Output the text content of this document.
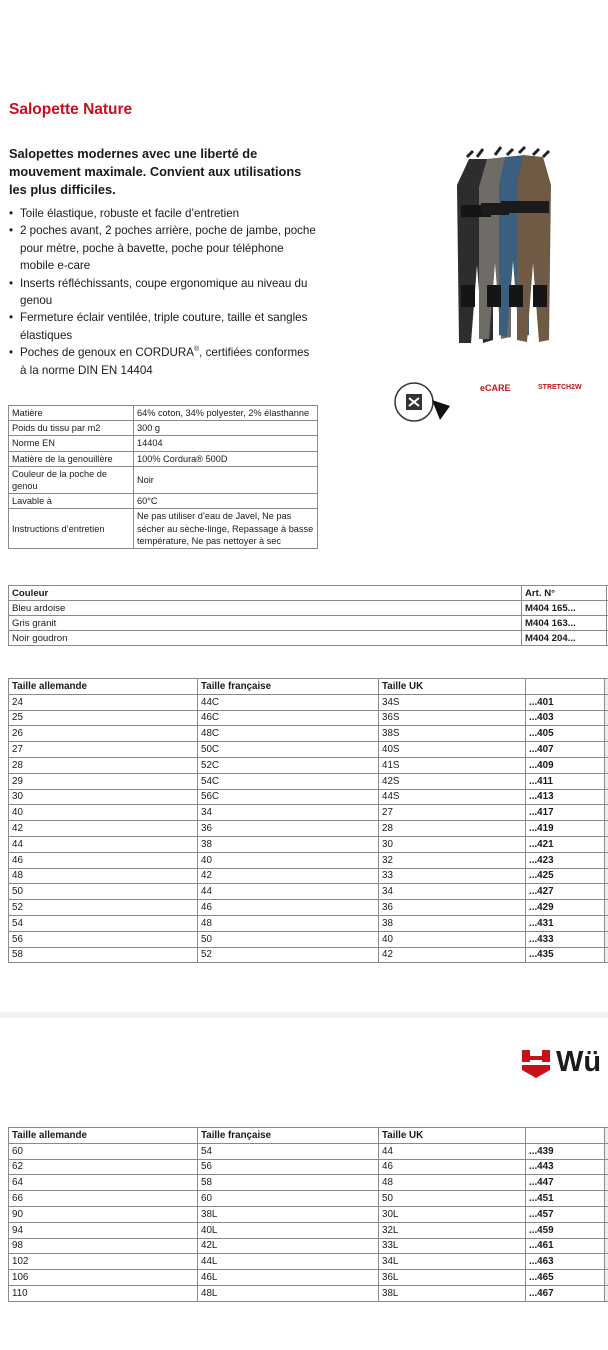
Salopette Nature
Salopettes modernes avec une liberté de mouvement maximale. Convient aux utilisations les plus difficiles.
• Toile élastique, robuste et facile d’entretien
• 2 poches avant, 2 poches arrière, poche de jambe, poche pour mètre, poche à bavette, poche pour téléphone mobile e-care
• Inserts réfléchissants, coupe ergonomique au niveau du genou
• Fermeture éclair ventilée, triple couture, taille et sangles élastiques
• Poches de genoux en CORDURA®, certifiées conformes à la norme DIN EN 14404
eCARE	STRETCH2W
Matière	64% coton, 34% polyester, 2% élasthanne
Poids du tissu par m2	300 g
Norme EN	14404
Matière de la genouillère	100% Cordura® 500D
Couleur de la poche de genou	Noir
Lavable à	60°C
Instructions d’entretien	Ne pas utiliser d’eau de Javel, Ne pas sécher au sèche-linge, Repassage à basse température, Ne pas nettoyer à sec
Couleur	Art. N°	
Bleu ardoise	M404 165...	
Gris granit	M404 163...	
Noir goudron	M404 204...	
Taille allemande	Taille française	Taille UK		
24	44C	34S	...401	
25	46C	36S	...403	
26	48C	38S	...405	
27	50C	40S	...407	
28	52C	41S	...409	
29	54C	42S	...411	
30	56C	44S	...413	
40	34	27	...417	
42	36	28	...419	
44	38	30	...421	
46	40	32	...423	
48	42	33	...425	
50	44	34	...427	
52	46	36	...429	
54	48	38	...431	
56	50	40	...433	
58	52	42	...435	
Wü
Taille allemande	Taille française	Taille UK		
60	54	44	...439	
62	56	46	...443	
64	58	48	...447	
66	60	50	...451	
90	38L	30L	...457	
94	40L	32L	...459	
98	42L	33L	...461	
102	44L	34L	...463	
106	46L	36L	...465	
110	48L	38L	...467	
